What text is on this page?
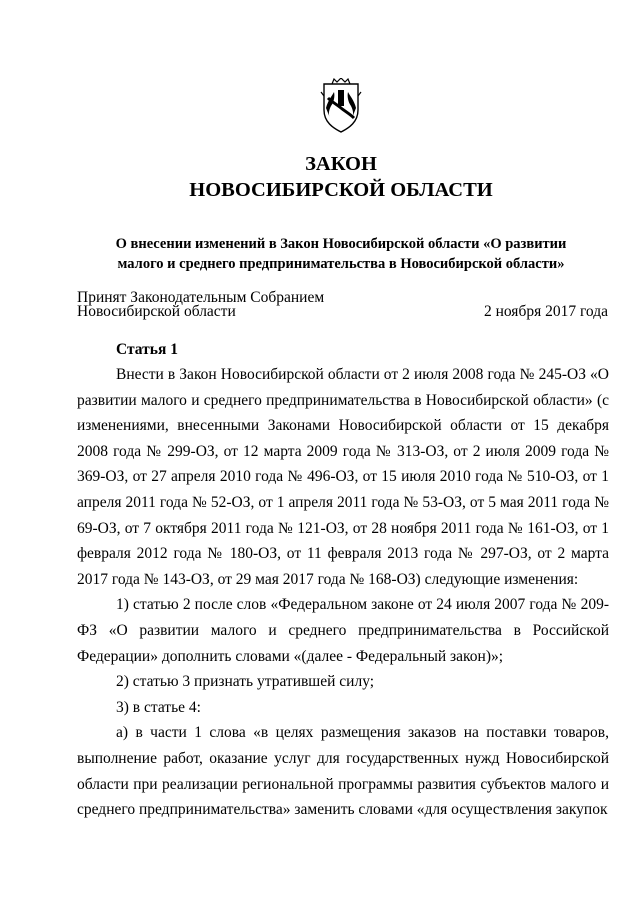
ЗАКОН
НОВОСИБИРСКОЙ ОБЛАСТИ

О внесении изменений в Закон Новосибирской области «О развитии

малого и среднего предпринимательства в Новосибирской области»

Принят Законодательным Собранием

Новосибирской области	2 ноября 2017 года

Статья 1

Внести в Закон Новосибирской области от 2 июля 2008 года № 245-ОЗ «О развитии малого и среднего предпринимательства в Новосибирской области» (с изменениями, внесенными Законами Новосибирской области от 15 декабря 2008 года № 299-ОЗ, от 12 марта 2009 года № 313-ОЗ, от 2 июля 2009 года № 369-ОЗ, от 27 апреля 2010 года № 496-ОЗ, от 15 июля 2010 года № 510-ОЗ, от 1 апреля 2011 года № 52-ОЗ, от 1 апреля 2011 года № 53-ОЗ, от 5 мая 2011 года № 69-ОЗ, от 7 октября 2011 года № 121-ОЗ, от 28 ноября 2011 года № 161-ОЗ, от 1 февраля 2012 года № 180-ОЗ, от 11 февраля 2013 года № 297-ОЗ, от 2 марта 2017 года № 143-ОЗ, от 29 мая 2017 года № 168-ОЗ) следующие изменения:

1) статью 2 после слов «Федеральном законе от 24 июля 2007 года № 209-ФЗ «О развитии малого и среднего предпринимательства в Российской Федерации» дополнить словами «(далее - Федеральный закон)»;

2) статью 3 признать утратившей силу;

3) в статье 4:

а) в части 1 слова «в целях размещения заказов на поставки товаров, выполнение работ, оказание услуг для государственных нужд Новосибирской области при реализации региональной программы развития субъектов малого и среднего предпринимательства» заменить словами «для осуществления закупок
